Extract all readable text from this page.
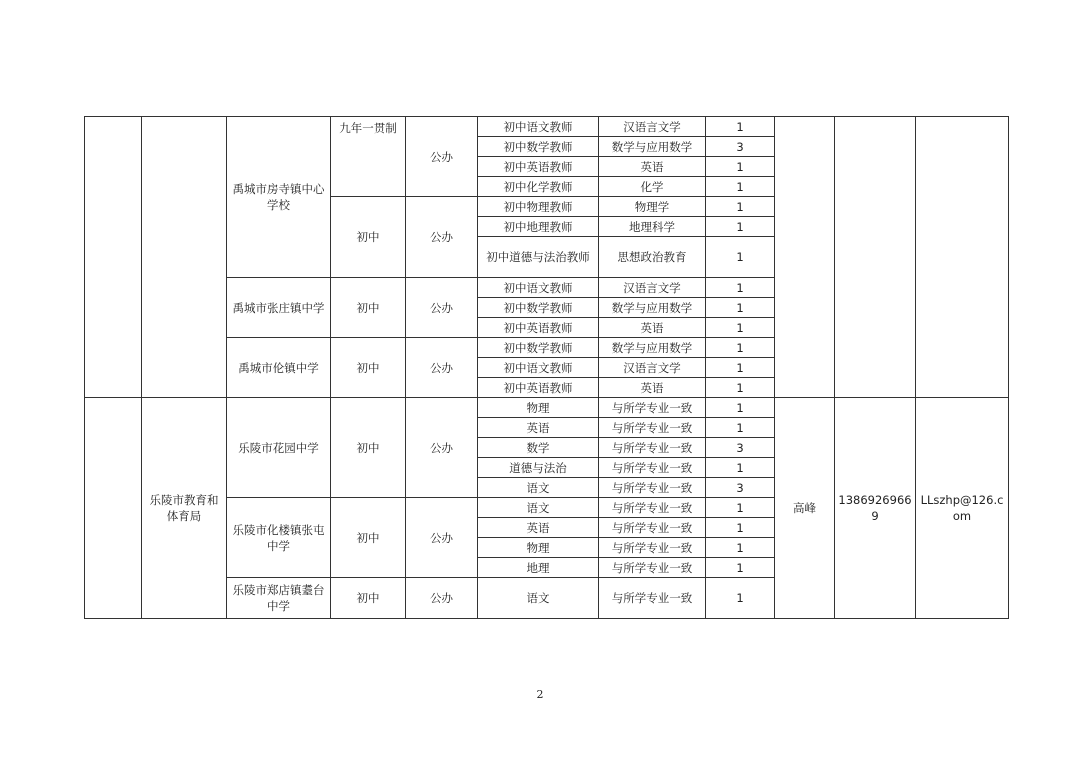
		禹城市房寺镇中心学校	九年一贯制	公办	初中语文教师	汉语言文学	1			
					初中数学教师	数学与应用数学	3			
					初中英语教师	英语	1			
					初中化学教师	化学	1			
			初中	公办	初中物理教师	物理学	1			
					初中地理教师	地理科学	1			
					初中道德与法治教师	思想政治教育	1			
		禹城市张庄镇中学	初中	公办	初中语文教师	汉语言文学	1			
					初中数学教师	数学与应用数学	1			
					初中英语教师	英语	1			
		禹城市伦镇中学	初中	公办	初中数学教师	数学与应用数学	1			
					初中语文教师	汉语言文学	1			
					初中英语教师	英语	1			
	乐陵市教育和体育局	乐陵市花园中学	初中	公办	物理	与所学专业一致	1	高峰	13869269669	LLszhp@126.com
					英语	与所学专业一致	1			
					数学	与所学专业一致	3			
					道德与法治	与所学专业一致	1			
					语文	与所学专业一致	3			
		乐陵市化楼镇张屯中学	初中	公办	语文	与所学专业一致	1			
					英语	与所学专业一致	1			
					物理	与所学专业一致	1			
					地理	与所学专业一致	1			
		乐陵市郑店镇耋台中学	初中	公办	语文	与所学专业一致	1			
2
